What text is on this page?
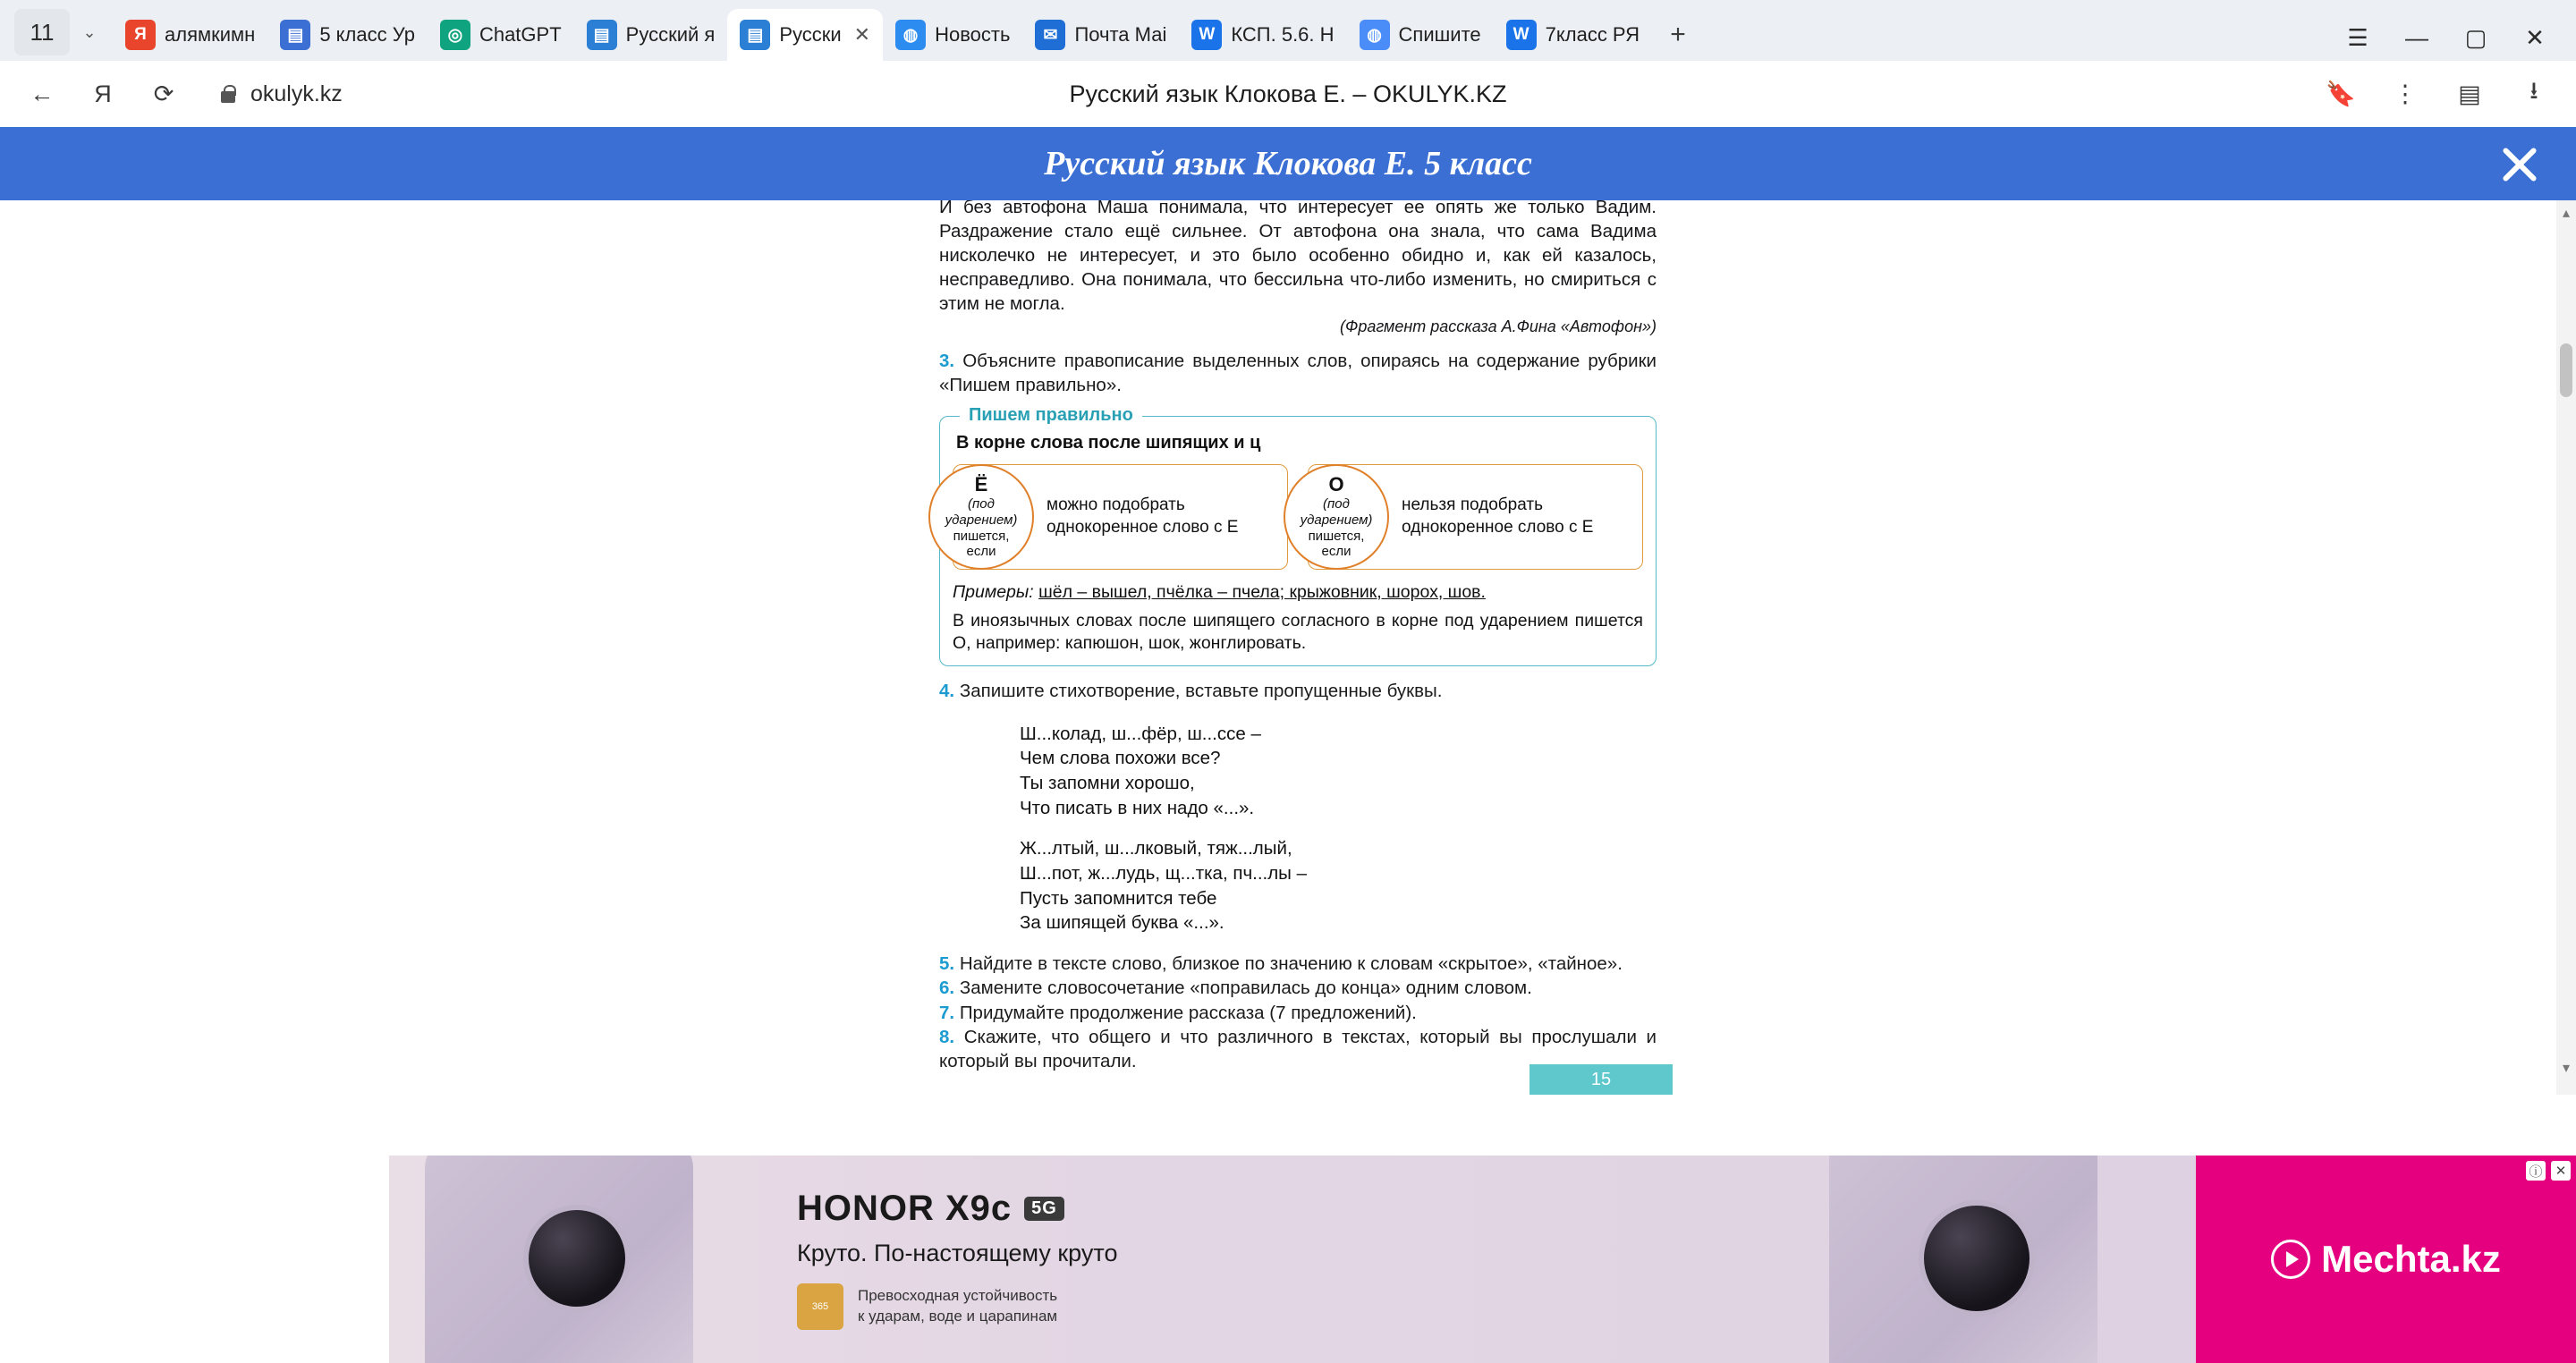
11	⌄	Я алямкимн	▤ 5 класс Ур	◎ ChatGPT	▤ Русский я	▤ Русски ✕	◍ Новость	✉ Почта Маi	W КСП. 5.6. Н	◍ Спишите	W 7класс РЯ	+	☰	— ▢	✕
←	Я	⟳	okulyk.kz	Русский язык Клокова Е. – OKULYK.KZ	🔖	⋮	▤	⭳
Русский язык Клокова Е. 5 класс
▴
▾
И без автофона Маша понимала, что интересует ее опять же только Вадим. Раздражение стало ещё сильнее. От автофона она знала, что сама Вадима нисколечко не интересует, и это было особенно обидно и, как ей казалось, несправедливо. Она понимала, что бессильна что-либо изменить, но смириться с этим не могла.
(Фрагмент рассказа А.Фина «Автофон»)
3. Объясните правописание выделенных слов, опираясь на содержание рубрики «Пишем правильно».
Пишем правильно
В корне слова после шипящих и ц
Ё
(под
ударением)
пишется,
если
можно подобрать однокоренное слово с Е
О
(под
ударением)
пишется,
если
нельзя подобрать однокоренное слово с Е
Примеры: шёл – вышел, пчёлка – пчела; крыжовник, шорох, шов.
В иноязычных словах после шипящего согласного в корне под ударением пишется О, например: капюшон, шок, жонглировать.
4. Запишите стихотворение, вставьте пропущенные буквы.
Ш...колад, ш...фёр, ш...ссе –
Чем слова похожи все?
Ты запомни хорошо,
Что писать в них надо «...».
Ж...лтый, ш...лковый, тяж...лый,
Ш...пот, ж...лудь, щ...тка, пч...лы –
Пусть запомнится тебе
За шипящей буква «...».
5. Найдите в тексте слово, близкое по значению к словам «скрытое», «тайное».
6. Замените словосочетание «поправилась до конца» одним словом.
7. Придумайте продолжение рассказа (7 предложений).
8. Скажите, что общего и что различного в текстах, который вы прослушали и который вы прочитали.
15
HONOR X9c	5G
Круто. По-настоящему круто
365
Превосходная устойчивость
к ударам, воде и царапинам
Mechta.kz
ⓘ ✕
